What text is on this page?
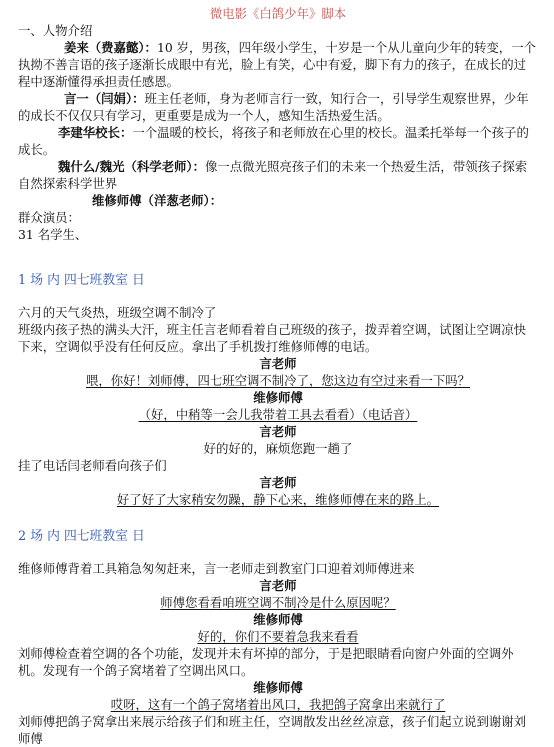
微电影《白鸽少年》脚本

一、人物介绍

姜来（费嘉懿）：10 岁，男孩，四年级小学生，十岁是一个从儿童向少年的转变，一个执拗不善言语的孩子逐渐长成眼中有光，脸上有笑，心中有爱，脚下有力的孩子，在成长的过程中逐渐懂得承担责任感恩。

言一（闫娟）：班主任老师，身为老师言行一致，知行合一，引导学生观察世界，少年的成长不仅仅只有学习，更重要是成为一个人，感知生活热爱生活。

李建华校长：一个温暖的校长，将孩子和老师放在心里的校长。温柔托举每一个孩子的成长。

魏什么/魏光（科学老师）：像一点微光照亮孩子们的未来一个热爱生活，带领孩子探索自然探索科学世界

维修师傅（洋葱老师）：

群众演员：

31 名学生、

1 场 内 四七班教室 日

六月的天气炎热，班级空调不制冷了

班级内孩子热的满头大汗，班主任言老师看着自己班级的孩子，拨弄着空调，试图让空调凉快下来，空调似乎没有任何反应。拿出了手机拨打维修师傅的电话。

言老师

喂，你好！刘师傅，四七班空调不制冷了，您这边有空过来看一下吗？

维修师傅

（好，中稍等一会儿我带着工具去看看）（电话音）

言老师

好的好的，麻烦您跑一趟了

挂了电话闫老师看向孩子们

言老师

好了好了大家稍安勿躁，静下心来，维修师傅在来的路上。

2 场 内 四七班教室 日

维修师傅背着工具箱急匆匆赶来，言一老师走到教室门口迎着刘师傅进来

言老师

师傅您看看咱班空调不制冷是什么原因呢？

维修师傅

好的，你们不要着急我来看看

刘师傅检查着空调的各个功能，发现并未有坏掉的部分，于是把眼睛看向窗户外面的空调外机。发现有一个鸽子窝堵着了空调出风口。

维修师傅

哎呀，这有一个鸽子窝堵着出风口，我把鸽子窝拿出来就行了

刘师傅把鸽子窝拿出来展示给孩子们和班主任，空调散发出丝丝凉意，孩子们起立说到谢谢刘师傅
